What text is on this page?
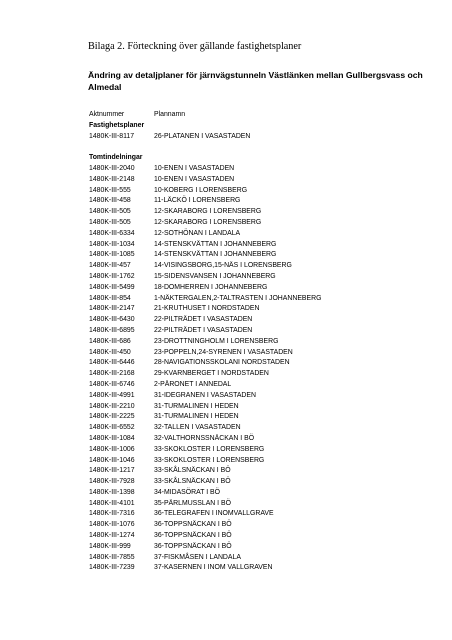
Bilaga 2. Förteckning över gällande fastighetsplaner
Ändring av detaljplaner för järnvägstunneln Västlänken mellan Gullbergsvass och Almedal
Aktnummer	Plannamn
Fastighetsplaner
1480K-III-8117	26-PLATANEN I VASASTADEN
Tomtindelningar
1480K-III-2040	10-ENEN I VASASTADEN
1480K-III-2148	10-ENEN I VASASTADEN
1480K-III-555	10-KOBERG I LORENSBERG
1480K-III-458	11-LÄCKÖ I LORENSBERG
1480K-III-505	12-SKARABORG I LORENSBERG
1480K-III-505	12-SKARABORG I LORENSBERG
1480K-III-6334	12-SOTHÖNAN I LANDALA
1480K-III-1034	14-STENSKVÄTTAN I JOHANNEBERG
1480K-III-1085	14-STENSKVÄTTAN I JOHANNEBERG
1480K-III-457	14-VISINGSBORG,15-NÄS I LORENSBERG
1480K-III-1762	15-SIDENSVANSEN I JOHANNEBERG
1480K-III-5499	18-DOMHERREN I JOHANNEBERG
1480K-III-854	1-NÄKTERGALEN,2-TALTRASTEN I JOHANNEBERG
1480K-III-2147	21-KRUTHUSET I NORDSTADEN
1480K-III-6430	22-PILTRÄDET I VASASTADEN
1480K-III-6895	22-PILTRÄDET I VASASTADEN
1480K-III-686	23-DROTTNINGHOLM I LORENSBERG
1480K-III-450	23-POPPELN,24-SYRENEN I VASASTADEN
1480K-III-6446	28-NAVIGATIONSSKOLANI NORDSTADEN
1480K-III-2168	29-KVARNBERGET I NORDSTADEN
1480K-III-6746	2-PÄRONET I ANNEDAL
1480K-III-4991	31-IDEGRANEN I VASASTADEN
1480K-III-2210	31-TURMALINEN I HEDEN
1480K-III-2225	31-TURMALINEN I HEDEN
1480K-III-6552	32-TALLEN I VASASTADEN
1480K-III-1084	32-VALTHORNSSNÄCKAN I BÖ
1480K-III-1006	33-SKOKLOSTER I LORENSBERG
1480K-III-1046	33-SKOKLOSTER I LORENSBERG
1480K-III-1217	33-SKÅLSNÄCKAN I BÖ
1480K-III-7928	33-SKÅLSNÄCKAN I BÖ
1480K-III-1398	34-MIDASÖRAT I BÖ
1480K-III-4101	35-PÄRLMUSSLAN I BÖ
1480K-III-7316	36-TELEGRAFEN I INOMVALLGRAVE
1480K-III-1076	36-TOPPSNÄCKAN I BÖ
1480K-III-1274	36-TOPPSNÄCKAN I BÖ
1480K-III-999	36-TOPPSNÄCKAN I BÖ
1480K-III-7855	37-FISKMÅSEN I LANDALA
1480K-III-7239	37-KASERNEN I INOM VALLGRAVEN
